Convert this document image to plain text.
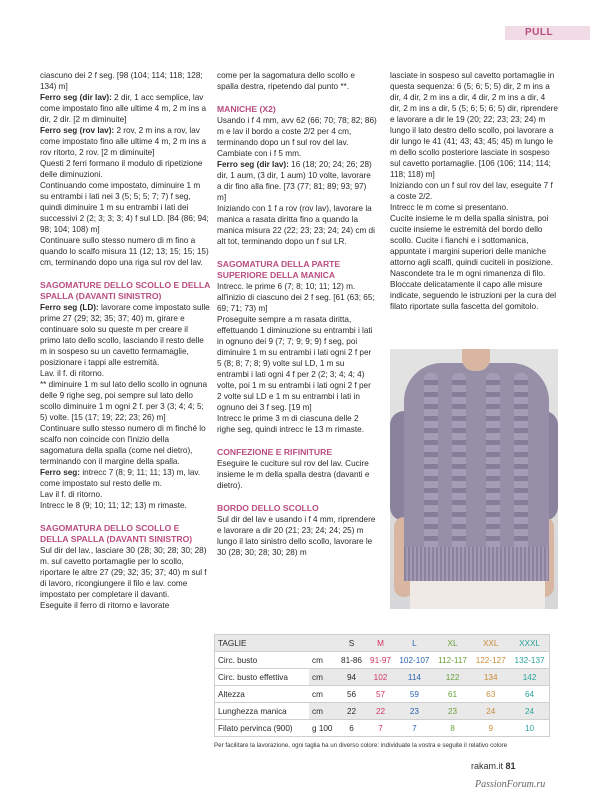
PULL

ciascuno dei 2 f seg. [98 (104; 114; 118; 128; 134) m]

Ferro seg (dir lav): 2 dir, 1 acc semplice, lav come impostato fino alle ultime 4 m, 2 m ins a dir, 2 dir. [2 m diminuite]

Ferro seg (rov lav): 2 rov, 2 m ins a rov, lav come impostato fino alle ultime 4 m, 2 m ins a rov ritorto, 2 rov. [2 m diminuite]

Questi 2 ferri formano il modulo di ripetizione delle diminuzioni.

Continuando come impostato, diminuire 1 m su entrambi i lati nei 3 (5; 5; 5; 7; 7) f seg, quindi diminuire 1 m su entrambi i lati dei successivi 2 (2; 3; 3; 3; 4) f sul LD. [84 (86; 94; 98; 104; 108) m]

Continuare sullo stesso numero di m fino a quando lo scalfo misura 11 (12; 13; 15; 15; 15) cm, terminando dopo una riga sul rov del lav.

SAGOMATURE DELLO SCOLLO E DELLA SPALLA (DAVANTI SINISTRO)

Ferro seg (LD): lavorare come impostato sulle prime 27 (29; 32; 35; 37; 40) m, girare e continuare solo su queste m per creare il primo lato dello scollo, lasciando il resto delle m in sospeso su un cavetto fermamaglie, posizionare i tappi alle estremità.

Lav. il f. di ritorno.

** diminuire 1 m sul lato dello scollo in ognuna delle 9 righe seg, poi sempre sul lato dello scollo diminuire 1 m ogni 2 f. per 3 (3; 4; 4; 5; 5) volte. [15 (17; 19; 22; 23; 26) m]

Continuare sullo stesso numero di m finché lo scalfo non coincide con l'inizio della sagomatura della spalla (come nel dietro), terminando con il margine della spalla.

Ferro seg: intrecc 7 (8; 9; 11; 11; 13) m, lav. come impostato sul resto delle m.

Lav il f. di ritorno.

Intrecc le 8 (9; 10; 11; 12; 13) m rimaste.

SAGOMATURA DELLO SCOLLO E DELLA SPALLA (DAVANTI SINISTRO)

Sul dir del lav., lasciare 30 (28; 30; 28; 30; 28) m. sul cavetto portamaglie per lo scollo, riportare le altre 27 (29; 32; 35; 37; 40) m sul f di lavoro, ricongiungere il filo e lav. come impostato per completare il davanti.

Eseguite il ferro di ritorno e lavorate

come per la sagomatura dello scollo e spalla destra, ripetendo dal punto **.

MANICHE (X2)

Usando i f 4 mm, avv 62 (66; 70; 78; 82; 86) m e lav il bordo a coste 2/2 per 4 cm, terminando dopo un f sul rov del lav.

Cambiate con i f 5 mm.

Ferro seg (dir lav): 16 (18; 20; 24; 26; 28) dir, 1 aum, (3 dir, 1 aum) 10 volte, lavorare a dir fino alla fine. [73 (77; 81; 89; 93; 97) m]

Iniziando con 1 f a rov (rov lav), lavorare la manica a rasata diritta fino a quando la manica misura 22 (22; 23; 23; 24; 24) cm di alt tot, terminando dopo un f sul LR.

SAGOMATURA DELLA PARTE SUPERIORE DELLA MANICA

Intrecc. le prime 6 (7; 8; 10; 11; 12) m. all'inizio di ciascuno dei 2 f seg. [61 (63; 65; 69; 71; 73) m]

Proseguite sempre a m rasata diritta, effettuando 1 diminuzione su entrambi i lati in ognuno dei 9 (7; 7; 9; 9; 9) f seg, poi diminuire 1 m su entrambi i lati ogni 2 f per 5 (8; 8; 7; 8; 9) volte sul LD, 1 m su entrambi i lati ogni 4 f per 2 (2; 3; 4; 4; 4) volte, poi 1 m su entrambi i lati ogni 2 f per 2 volte sul LD e 1 m su entrambi i lati in ognuno dei 3 f seg. [19 m]

Intrecc le prime 3 m di ciascuna delle 2 righe seg, quindi intrecc le 13 m rimaste.

CONFEZIONE E RIFINITURE

Eseguire le cuciture sul rov del lav. Cucire insieme le m della spalla destra (davanti e dietro).

BORDO DELLO SCOLLO

Sul dir del lav e usando i f 4 mm, riprendere e lavorare a dir 20 (21; 23; 24; 24; 25) m lungo il lato sinistro dello scollo, lavorare le 30 (28; 30; 28; 30; 28) m

lasciate in sospeso sul cavetto portamaglie in questa sequenza: 6 (5; 6; 5; 5) dir, 2 m ins a dir, 4 dir, 2 m ins a dir, 4 dir, 2 m ins a dir, 4 dir, 2 m ins a dir, 5 (5; 6; 5; 6; 5) dir, riprendere e lavorare a dir le 19 (20; 22; 23; 23; 24) m lungo il lato destro dello scollo, poi lavorare a dir lungo le 41 (41; 43; 43; 45; 45) m lungo le m dello scollo posteriore lasciate in sospeso sul cavetto portamaglie. [106 (106; 114; 114; 118; 118) m]

Iniziando con un f sul rov del lav, eseguite 7 f a coste 2/2.

Intrecc le m come si presentano.

Cucite insieme le m della spalla sinistra, poi cucite insieme le estremità del bordo dello scollo. Cucite i fianchi e i sottomanica, appuntate i margini superiori delle maniche attorno agli scalfi, quindi cuciteli in posizione. Nascondete tra le m ogni rimanenza di filo.

Bloccate delicatamente il capo alle misure indicate, seguendo le istruzioni per la cura del filato riportate sulla fascetta del gomitolo.

TAGLIE		S	M	L	XL	XXL	XXXL
Circ. busto	cm	81-86	91-97	102-107	112-117	122-127	132-137
Circ. busto effettiva	cm	94	102	114	122	134	142
Altezza	cm	56	57	59	61	63	64
Lunghezza manica	cm	22	22	23	23	24	24
Filato pervinca (900)	g 100	6	7	7	8	9	10
Per facilitare la lavorazione, ogni taglia ha un diverso colore: individuate la vostra e seguite il relativo colore
rakam.it 81
PassionForum.ru
